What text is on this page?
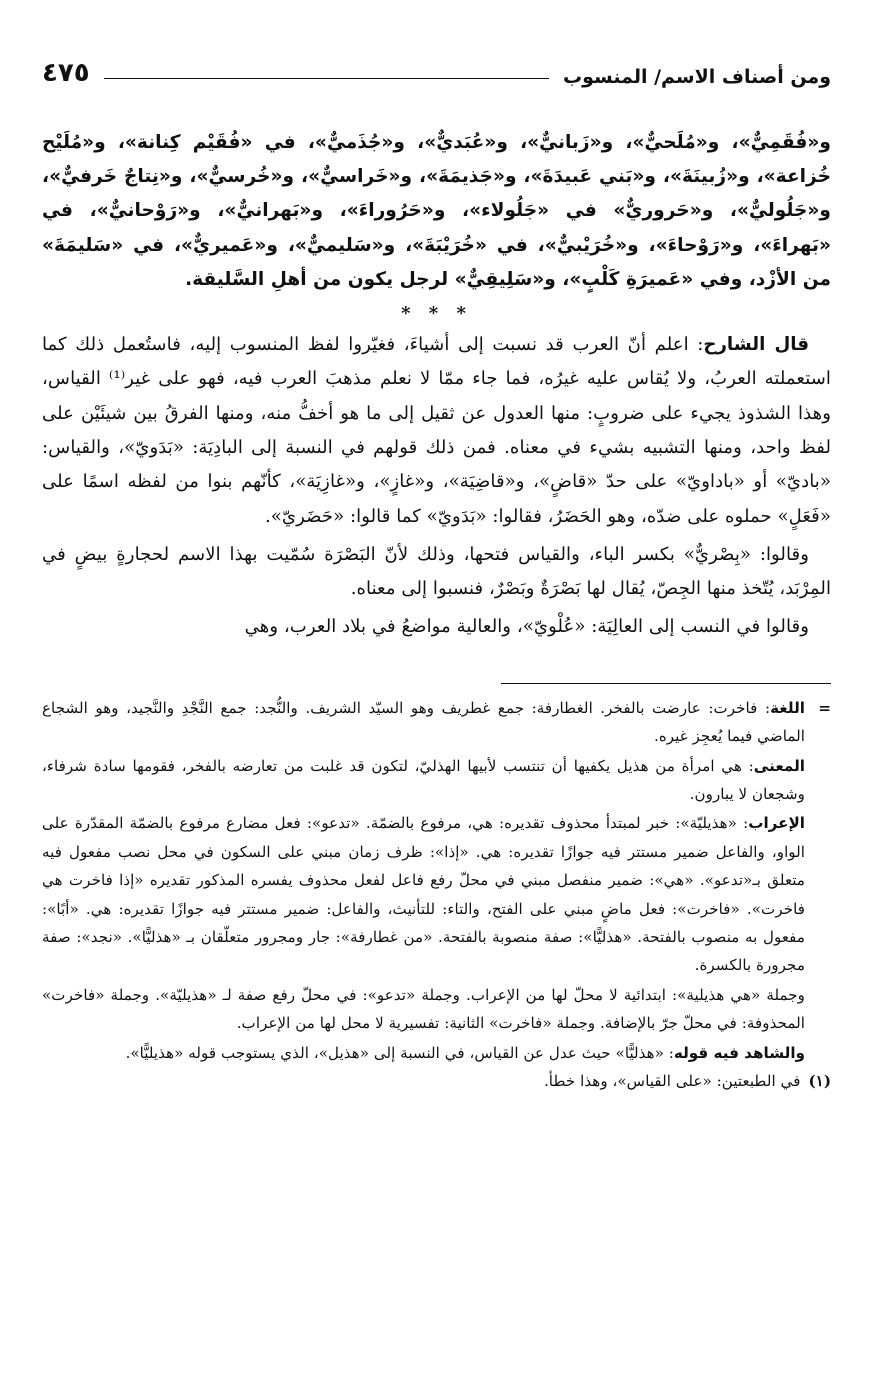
ومن أصناف الاسم/ المنسوب
٤٧٥

و«فُقَمِيٌّ»، و«مُلَحيٌّ»، و«زَبانيٌّ»، و«عُبَديٌّ»، و«جُذَميٌّ»، في «فُقَيْم كِنانة»، و«مُلَيْح خُزاعة»، و«زُبينَةَ»، و«بَني عَبيدَةَ»، و«جَذيمَةَ»، و«خَراسيٌّ»، و«خُرسيٌّ»، و«نِتاجٌ خَرفيٌّ»، و«جَلُوليٌّ»، و«حَروريٌّ» في «جَلُولاء»، و«حَرُوراءَ»، و«بَهرانيٌّ»، و«رَوْحانيٌّ»، في «بَهراءَ»، و«رَوْحاءَ»، و«خُرَيْبيٌّ»، في «خُرَيْبَةَ»، و«سَليميٌّ»، و«عَميريٌّ»، في «سَليمَةَ» من الأزْد، وفي «عَميرَةِ كَلْبٍ»، و«سَلِيقِيٌّ» لرجل يكون من أهلِ السَّليقة.

* * *

قال الشارح: اعلم أنّ العرب قد نسبت إلى أشياءَ، فغيّروا لفظ المنسوب إليه، فاستُعمل ذلك كما استعملته العربُ، ولا يُقاس عليه غيرُه، فما جاء ممّا لا نعلم مذهبَ العرب فيه، فهو على غير⁽¹⁾ القياس، وهذا الشذوذ يجيء على ضروبٍ: منها العدول عن ثقيل إلى ما هو أخفُّ منه، ومنها الفرقُ بين شيئَيْن على لفظ واحد، ومنها التشبيه بشيء في معناه. فمن ذلك قولهم في النسبة إلى البادِيَة: «بَدَويّ»، والقياس: «باديّ» أو «باداويّ» على حدّ «قاضٍ»، و«قاضِيَة»، و«غازٍ»، و«غازِيَة»، كأنّهم بنوا من لفظه اسمًا على «فَعَلٍ» حملوه على ضدّه، وهو الحَضَرُ، فقالوا: «بَدَويّ» كما قالوا: «حَضَريّ».

وقالوا: «بِصْريٌّ» بكسر الباء، والقياس فتحها، وذلك لأنّ البَصْرَة سُمّيت بهذا الاسم لحجارةٍ بيضٍ في المِرْبَد، يُتّخذ منها الجِصّ، يُقال لها بَصْرَةٌ وبَصْرٌ، فنسبوا إلى معناه.

وقالوا في النسب إلى العالِيَة: «عُلْويّ»، والعالية مواضعُ في بلاد العرب، وهي

=

اللغة: فاخرت: عارضت بالفخر. الغطارفة: جمع غطريف وهو السيّد الشريف. والنُّجد: جمع النَّجْدِ والنَّجيد، وهو الشجاع الماضي فيما يُعجِز غيره.

المعنى: هي امرأة من هذيل يكفيها أن تنتسب لأبيها الهذليّ، لتكون قد غلبت من تعارضه بالفخر، فقومها سادة شرفاء، وشجعان لا يبارون.

الإعراب: «هذيليّة»: خبر لمبتدأ محذوف تقديره: هي، مرفوع بالضمّة. «تدعو»: فعل مضارع مرفوع بالضمّة المقدّرة على الواو، والفاعل ضمير مستتر فيه جوازًا تقديره: هي. «إذا»: ظرف زمان مبني على السكون في محل نصب مفعول فيه متعلق بـ«تدعو». «هي»: ضمير منفصل مبني في محلّ رفع فاعل لفعل محذوف يفسره المذكور تقديره «إذا فاخرت هي فاخرت». «فاخرت»: فعل ماضٍ مبني على الفتح، والتاء: للتأنيث، والفاعل: ضمير مستتر فيه جوازًا تقديره: هي. «أبًا»: مفعول به منصوب بالفتحة. «هذليًّا»: صفة منصوبة بالفتحة. «من غطارفة»: جار ومجرور متعلّقان بـ «هذليًّا». «نجد»: صفة مجرورة بالكسرة.

وجملة «هي هذيلية»: ابتدائية لا محلّ لها من الإعراب. وجملة «تدعو»: في محلّ رفع صفة لـ «هذيليّة». وجملة «فاخرت» المحذوفة: في محلّ جرّ بالإضافة. وجملة «فاخرت» الثانية: تفسيرية لا محل لها من الإعراب.

والشاهد فيه قوله: «هذليًّا» حيث عدل عن القياس، في النسبة إلى «هذيل»، الذي يستوجب قوله «هذيليًّا».

(١)في الطبعتين: «على القياس»، وهذا خطأ.
